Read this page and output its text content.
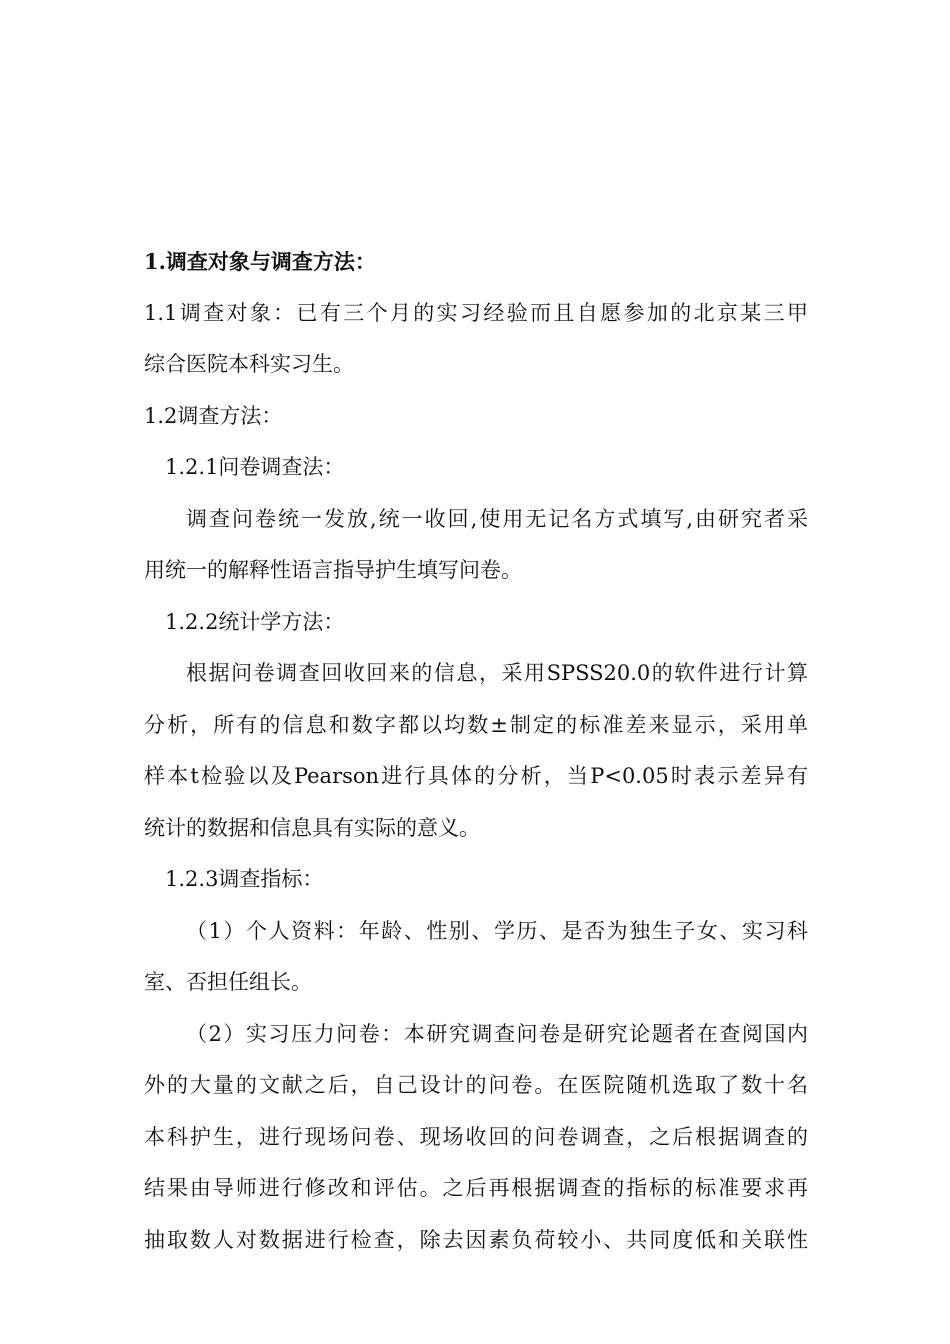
1.调查对象与调查方法：

1.1调查对象：已有三个月的实习经验而且自愿参加的北京某三甲

综合医院本科实习生。

1.2调查方法：

1.2.1问卷调查法：

调查问卷统一发放,统一收回,使用无记名方式填写,由研究者采

用统一的解释性语言指导护生填写问卷。

1.2.2统计学方法：

根据问卷调查回收回来的信息，采用SPSS20.0的软件进行计算

分析，所有的信息和数字都以均数±制定的标准差来显示，采用单

样本t检验以及Pearson进行具体的分析，当P<0.05时表示差异有

统计的数据和信息具有实际的意义。

1.2.3调查指标：

（1）个人资料：年龄、性别、学历、是否为独生子女、实习科

室、否担任组长。

（2）实习压力问卷：本研究调查问卷是研究论题者在查阅国内

外的大量的文献之后，自己设计的问卷。在医院随机选取了数十名

本科护生，进行现场问卷、现场收回的问卷调查，之后根据调查的

结果由导师进行修改和评估。之后再根据调查的指标的标准要求再

抽取数人对数据进行检查，除去因素负荷较小、共同度低和关联性
